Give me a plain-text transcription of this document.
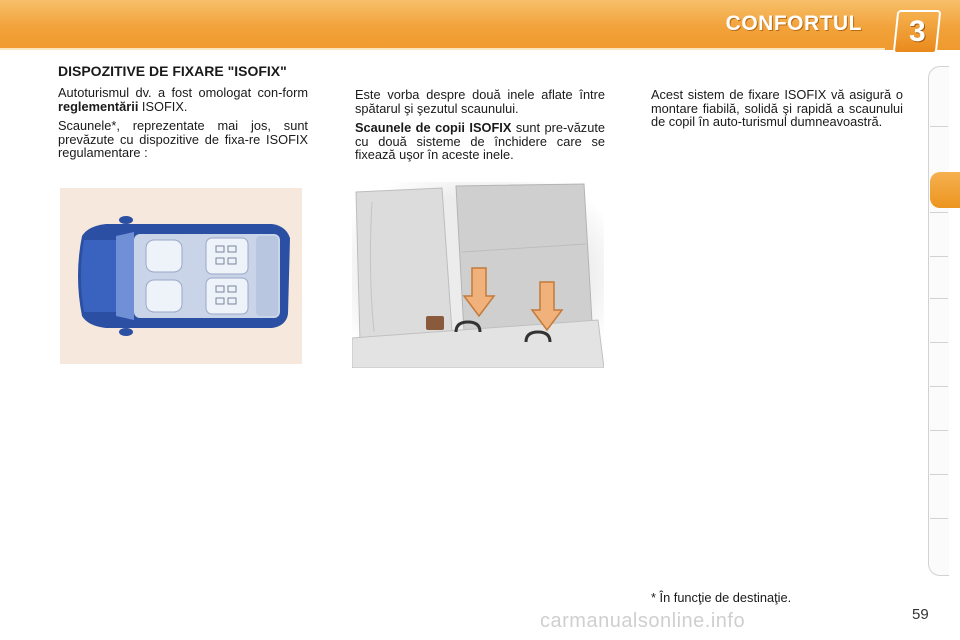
CONFORTUL 3
DISPOZITIVE DE FIXARE "ISOFIX"

Autoturismul dv. a fost omologat con-form reglementării ISOFIX.

Scaunele*, reprezentate mai jos, sunt prevăzute cu dispozitive de fixa-re ISOFIX regulamentare :

Este vorba despre două inele aflate între spătarul şi şezutul scaunului.

Scaunele de copii ISOFIX sunt pre-văzute cu două sisteme de închidere care se fixează uşor în aceste inele.

Acest sistem de fixare ISOFIX vă asigură o montare fiabilă, solidă şi rapidă a scaunului de copil în auto-turismul dumneavoastră.

* În funcţie de destinaţie.
carmanualsonline.info	59
